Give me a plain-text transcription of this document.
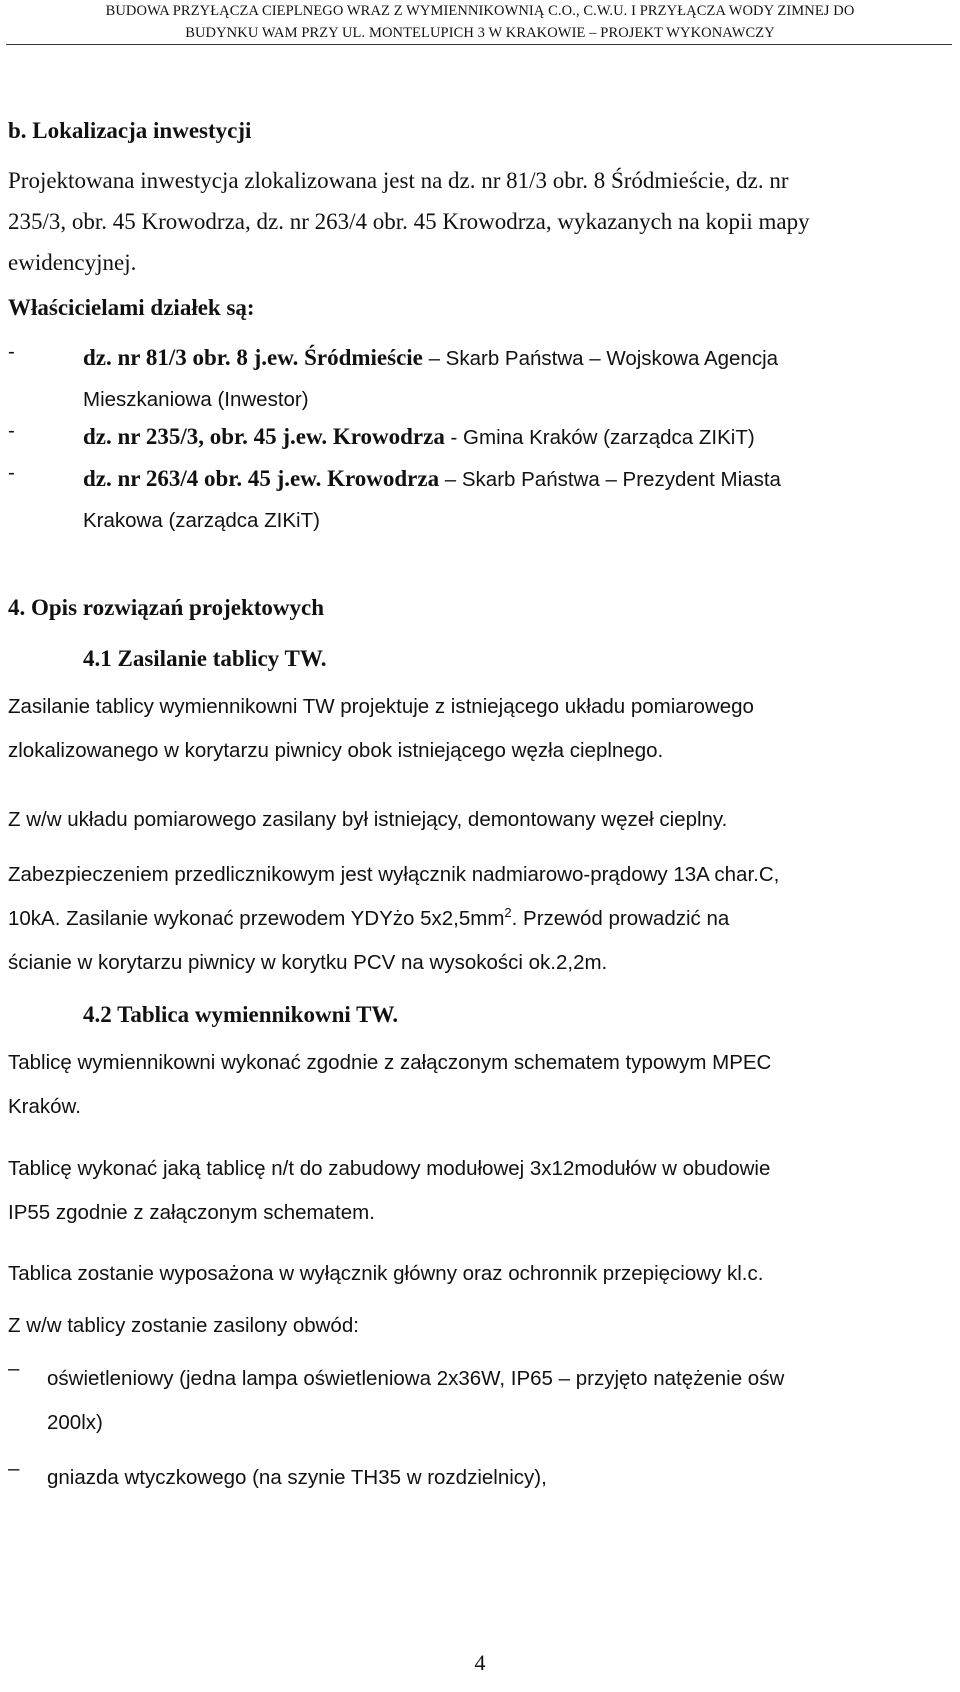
BUDOWA PRZYŁĄCZA CIEPLNEGO WRAZ Z WYMIENNIKOWNIĄ C.O., C.W.U. I PRZYŁĄCZA WODY ZIMNEJ DO
BUDYNKU WAM PRZY UL. MONTELUPICH 3 W KRAKOWIE – PROJEKT WYKONAWCZY
b. Lokalizacja inwestycji
Projektowana inwestycja zlokalizowana jest na dz. nr 81/3 obr. 8 Śródmieście, dz. nr
235/3, obr. 45 Krowodrza, dz. nr 263/4 obr. 45 Krowodrza, wykazanych na kopii mapy
ewidencyjnej.
Właścicielami działek są:
-	dz. nr 81/3 obr. 8 j.ew. Śródmieście – Skarb Państwa – Wojskowa Agencja
Mieszkaniowa (Inwestor)
-	dz. nr 235/3, obr. 45 j.ew. Krowodrza - Gmina Kraków (zarządca ZIKiT)
-	dz. nr 263/4 obr. 45 j.ew. Krowodrza – Skarb Państwa – Prezydent Miasta
Krakowa (zarządca ZIKiT)
4. Opis rozwiązań projektowych
4.1 Zasilanie tablicy TW.
Zasilanie tablicy wymiennikowni TW projektuje z istniejącego układu pomiarowego
zlokalizowanego w korytarzu piwnicy obok istniejącego węzła cieplnego.
Z w/w układu pomiarowego zasilany był istniejący, demontowany węzeł cieplny.
Zabezpieczeniem przedlicznikowym jest wyłącznik nadmiarowo-prądowy 13A char.C,
10kA. Zasilanie wykonać przewodem YDYżo $5x2,5mm^2$. Przewód prowadzić na
ścianie w korytarzu piwnicy w korytku PCV na wysokości ok.2,2m.
4.2 Tablica wymiennikowni TW.
Tablicę wymiennikowni wykonać zgodnie z załączonym schematem typowym MPEC
Kraków.
Tablicę wykonać jaką tablicę n/t do zabudowy modułowej 3x12modułów w obudowie
IP55 zgodnie z załączonym schematem.
Tablica zostanie wyposażona w wyłącznik główny oraz ochronnik przepięciowy kl.c.
Z w/w tablicy zostanie zasilony obwód:
– oświetleniowy (jedna lampa oświetleniowa 2x36W, IP65 – przyjęto natężenie ośw
200lx)
– gniazda wtyczkowego (na szynie TH35 w rozdzielnicy),
4
